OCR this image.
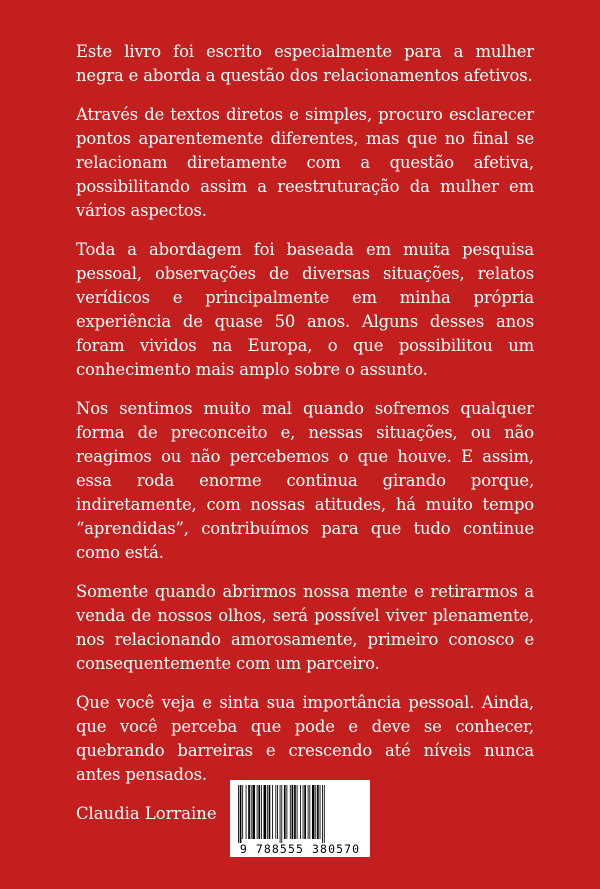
Este livro foi escrito especialmente para a mulher negra e aborda a questão dos relacionamentos afetivos.

Através de textos diretos e simples, procuro esclarecer pontos aparentemente diferentes, mas que no final se relacionam diretamente com a questão afetiva, possibilitando assim a reestruturação da mulher em vários aspectos.

Toda a abordagem foi baseada em muita pesquisa pessoal, observações de diversas situações, relatos verídicos e principalmente em minha própria experiência de quase 50 anos. Alguns desses anos foram vividos na Europa, o que possibilitou um conhecimento mais amplo sobre o assunto.

Nos sentimos muito mal quando sofremos qualquer forma de preconceito e, nessas situações, ou não reagimos ou não percebemos o que houve. E assim, essa roda enorme continua girando porque, indiretamente, com nossas atitudes, há muito tempo “aprendidas”, contribuímos para que tudo continue como está.

Somente quando abrirmos nossa mente e retirarmos a venda de nossos olhos, será possível viver plenamente, nos relacionando amorosamente, primeiro conosco e consequentemente com um parceiro.

Que você veja e sinta sua importância pessoal. Ainda, que você perceba que pode e deve se conhecer, quebrando barreiras e crescendo até níveis nunca antes pensados.

Claudia Lorraine

9 788555 380570
